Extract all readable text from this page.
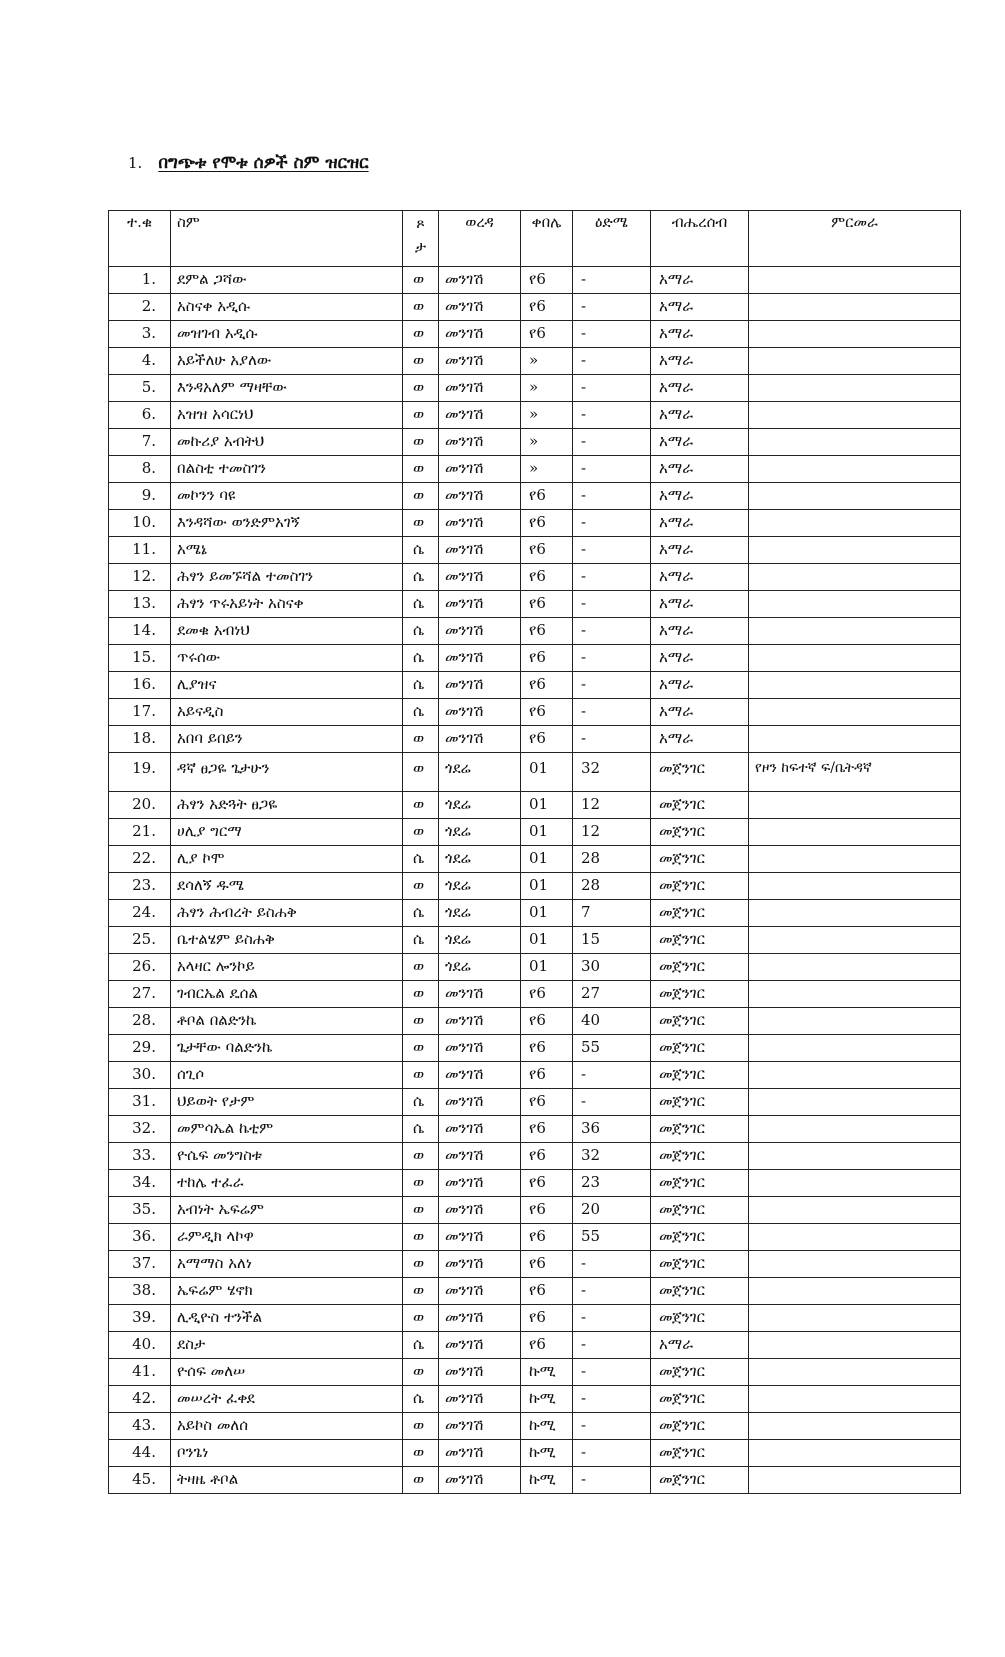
1. በግጭቱ የሞቱ ሰዎች ስም ዝርዝር
ተ.ቁ	ስም	ጾ ታ	ወረዳ	ቀበሌ	ዕድሜ	ብሔረሰብ	ምርመራ
1.	ደምል ጋሻው	ወ	መንገሽ	የ6	-	አማራ	
2.	አስናቀ አዲሱ	ወ	መንገሽ	የ6	-	አማራ	
3.	መዝገብ አዲሱ	ወ	መንገሽ	የ6	-	አማራ	
4.	አይችለሁ አያለው	ወ	መንገሽ	»	-	አማራ	
5.	እንዳአለም ማዛቸው	ወ	መንገሽ	»	-	አማራ	
6.	አዝዝ አሳርነህ	ወ	መንገሽ	»	-	አማራ	
7.	መኩሪያ አብትህ	ወ	መንገሽ	»	-	አማራ	
8.	በልስቲ ተመስገን	ወ	መንገሽ	»	-	አማራ	
9.	መኮንን ባዩ	ወ	መንገሽ	የ6	-	አማራ	
10.	እንዳሻው ወንድምአገኝ	ወ	መንገሽ	የ6	-	አማራ	
11.	አሜኔ	ሴ	መንገሽ	የ6	-	አማራ	
12.	ሕፃን ይመኙሻል ተመስገን	ሴ	መንገሽ	የ6	-	አማራ	
13.	ሕፃን ጥሩአይነት አስናቀ	ሴ	መንገሽ	የ6	-	አማራ	
14.	ደመቁ አብነህ	ሴ	መንገሽ	የ6	-	አማራ	
15.	ጥሩሰው	ሴ	መንገሽ	የ6	-	አማራ	
16.	ሊያዝና	ሴ	መንገሽ	የ6	-	አማራ	
17.	አይናዲስ	ሴ	መንገሽ	የ6	-	አማራ	
18.	አበባ ይበይን	ወ	መንገሽ	የ6	-	አማራ	
19.	ዳኛ ፀጋዬ ጌታሁን	ወ	ጎደሬ	01	32	መጀንገር	የዞን ከፍተኛ ፍ/ቤትዳኛ
20.	ሕፃን አድጓት ፀጋዬ	ወ	ጎደሬ	01	12	መጀንገር	
21.	ሀሊያ ግርማ	ወ	ጎደሬ	01	12	መጀንገር	
22.	ሊያ ኮሞ	ሴ	ጎደሬ	01	28	መጀንገር	
23.	ደሳለኝ ዱሜ	ወ	ጎደሬ	01	28	መጀንገር	
24.	ሕፃን ሕብረት ይስሐቅ	ሴ	ጎደሬ	01	7	መጀንገር	
25.	ቤተልሄም ይስሐቅ	ሴ	ጎደሬ	01	15	መጀንገር	
26.	አላዛር ሎንኮይ	ወ	ጎደሬ	01	30	መጀንገር	
27.	ገብርኤል ዴሰል	ወ	መንገሽ	የ6	27	መጀንገር	
28.	ቶቦል በልድንኬ	ወ	መንገሽ	የ6	40	መጀንገር	
29.	ጌታቸው ባልድንኬ	ወ	መንገሽ	የ6	55	መጀንገር	
30.	ሰጊሶ	ወ	መንገሽ	የ6	-	መጀንገር	
31.	ህይወት የታም	ሴ	መንገሽ	የ6	-	መጀንገር	
32.	መምሳኤል ኬቲም	ሴ	መንገሽ	የ6	36	መጀንገር	
33.	ዮሴፍ መንግስቱ	ወ	መንገሽ	የ6	32	መጀንገር	
34.	ተከሌ ተፈራ	ወ	መንገሽ	የ6	23	መጀንገር	
35.	አብነት ኤፍሬም	ወ	መንገሽ	የ6	20	መጀንገር	
36.	ራምዲክ ላኮዋ	ወ	መንገሽ	የ6	55	መጀንገር	
37.	አማማስ አለነ	ወ	መንገሽ	የ6	-	መጀንገር	
38.	ኤፍሬም ሄኖክ	ወ	መንገሽ	የ6	-	መጀንገር	
39.	ሊዲዮስ ተንችል	ወ	መንገሽ	የ6	-	መጀንገር	
40.	ደስታ	ሴ	መንገሽ	የ6	-	አማራ	
41.	ዮሰፍ መለሠ	ወ	መንገሽ	ኩሚ	-	መጀንገር	
42.	መሠረት ፈቀደ	ሴ	መንገሽ	ኩሚ	-	መጀንገር	
43.	አይኮስ መለሰ	ወ	መንገሽ	ኩሚ	-	መጀንገር	
44.	ቦንጌነ	ወ	መንገሽ	ኩሚ	-	መጀንገር	
45.	ትዛዜ ቶቦል	ወ	መንገሽ	ኩሚ	-	መጀንገር	
